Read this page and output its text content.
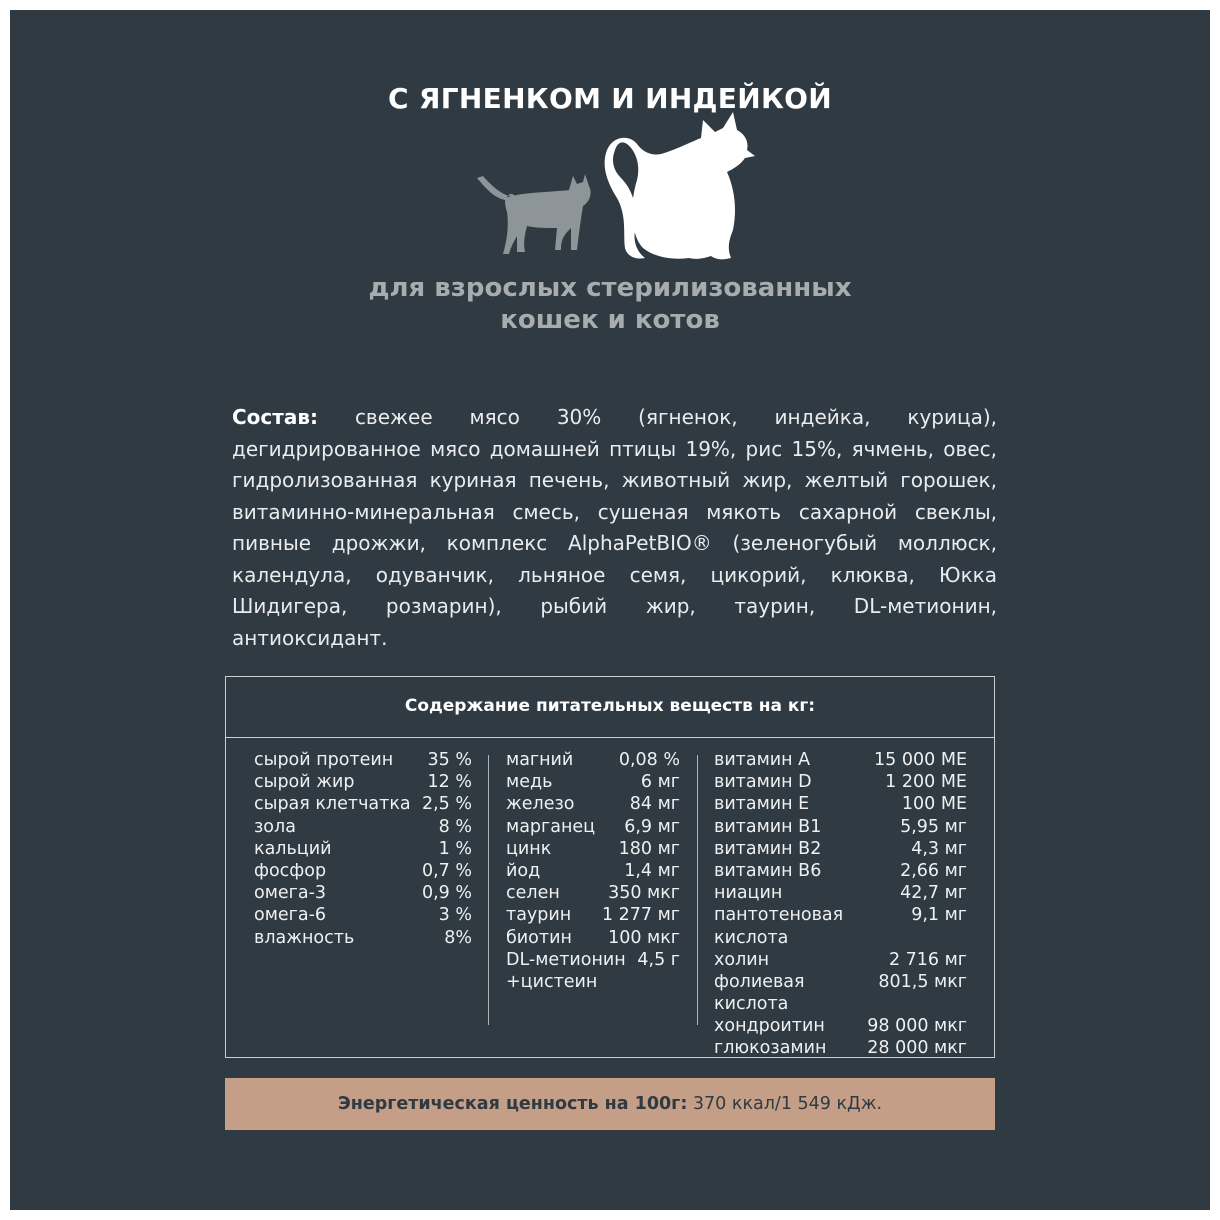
С ЯГНЕНКОМ И ИНДЕЙКОЙ
для взрослых стерилизованных
кошек и котов
Состав: свежее мясо 30% (ягненок, индейка, курица), дегидрированное мясо домашней птицы 19%, рис 15%, ячмень, овес, гидролизованная куриная печень, животный жир, желтый горошек, витаминно-минеральная смесь, сушеная мякоть сахарной свеклы, пивные дрожжи, комплекс AlphaPetBIO® (зеленогубый моллюск, календула, одуванчик, льняное семя, цикорий, клюква, Юкка Шидигера, розмарин), рыбий жир, таурин, DL-метионин, антиоксидант.
Содержание питательных веществ на кг:
сырой протеин 35 %
сырой жир	12 %
сырая клетчатка 2,5 %
зола	8 %
кальций	1 %
фосфор	0,7 %
омега-3	0,9 %
омега-6	3 %
влажность	8%
магний	0,08 %
медь	6 мг
железо	84 мг
марганец 6,9 мг
цинк	180 мг
йод	1,4 мг
селен	350 мкг
таурин 1 277 мг
биотин 100 мкг
DL-метионин +цистеин
4,5 г
витамин A	15 000 МЕ
витамин D	1 200 МЕ
витамин E	100 МЕ
витамин B1	5,95 мг
витамин B2	4,3 мг
витамин B6	2,66 мг
ниацин	42,7 мг
пантотеновая кислота
9,1 мг
холин	2 716 мг
фолиевая кислота
801,5 мкг
хондроитин 98 000 мкг
глюкозамин 28 000 мкг
Энергетическая ценность на 100г: 370 ккал/1 549 кДж.
